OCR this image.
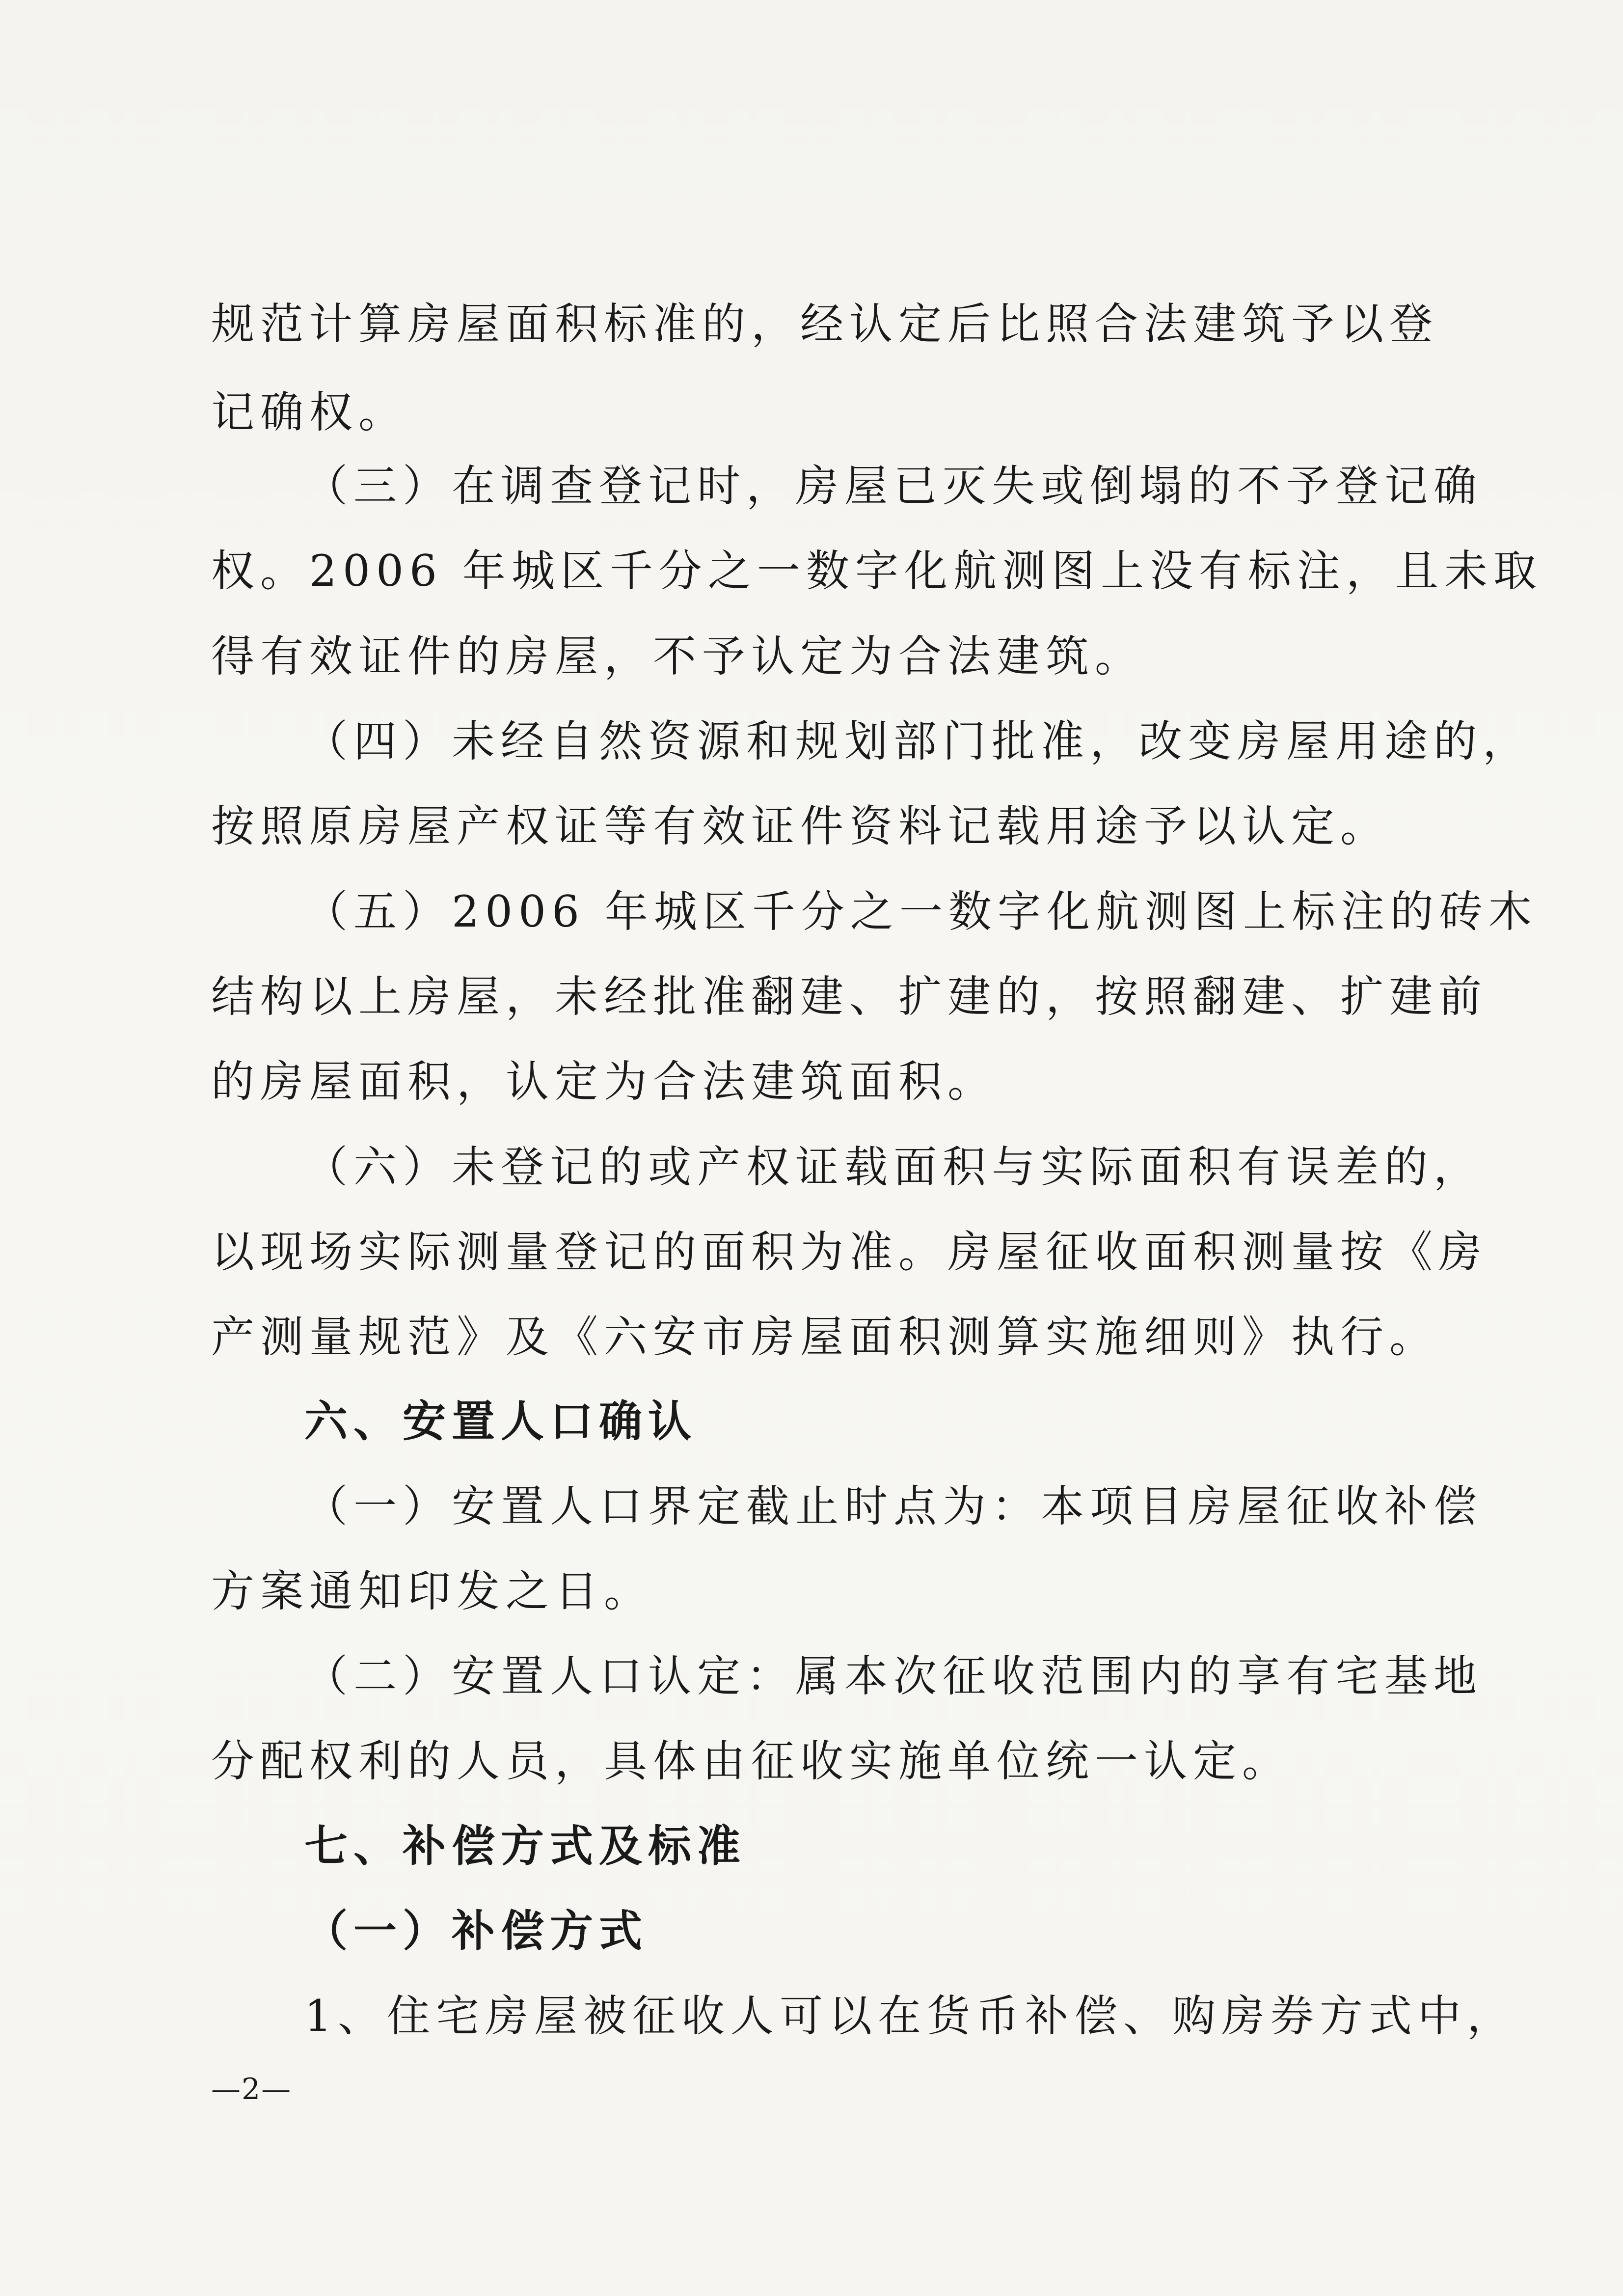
规范计算房屋面积标准的，经认定后比照合法建筑予以登

记确权。

（三）在调查登记时，房屋已灭失或倒塌的不予登记确

权。2006 年城区千分之一数字化航测图上没有标注，且未取

得有效证件的房屋，不予认定为合法建筑。

（四）未经自然资源和规划部门批准，改变房屋用途的，

按照原房屋产权证等有效证件资料记载用途予以认定。

（五）2006 年城区千分之一数字化航测图上标注的砖木

结构以上房屋，未经批准翻建、扩建的，按照翻建、扩建前

的房屋面积，认定为合法建筑面积。

（六）未登记的或产权证载面积与实际面积有误差的，

以现场实际测量登记的面积为准。房屋征收面积测量按《房

产测量规范》及《六安市房屋面积测算实施细则》执行。

六、安置人口确认

（一）安置人口界定截止时点为：本项目房屋征收补偿

方案通知印发之日。

（二）安置人口认定：属本次征收范围内的享有宅基地

分配权利的人员，具体由征收实施单位统一认定。

七、补偿方式及标准

（一）补偿方式

1、住宅房屋被征收人可以在货币补偿、购房券方式中，

—2—
